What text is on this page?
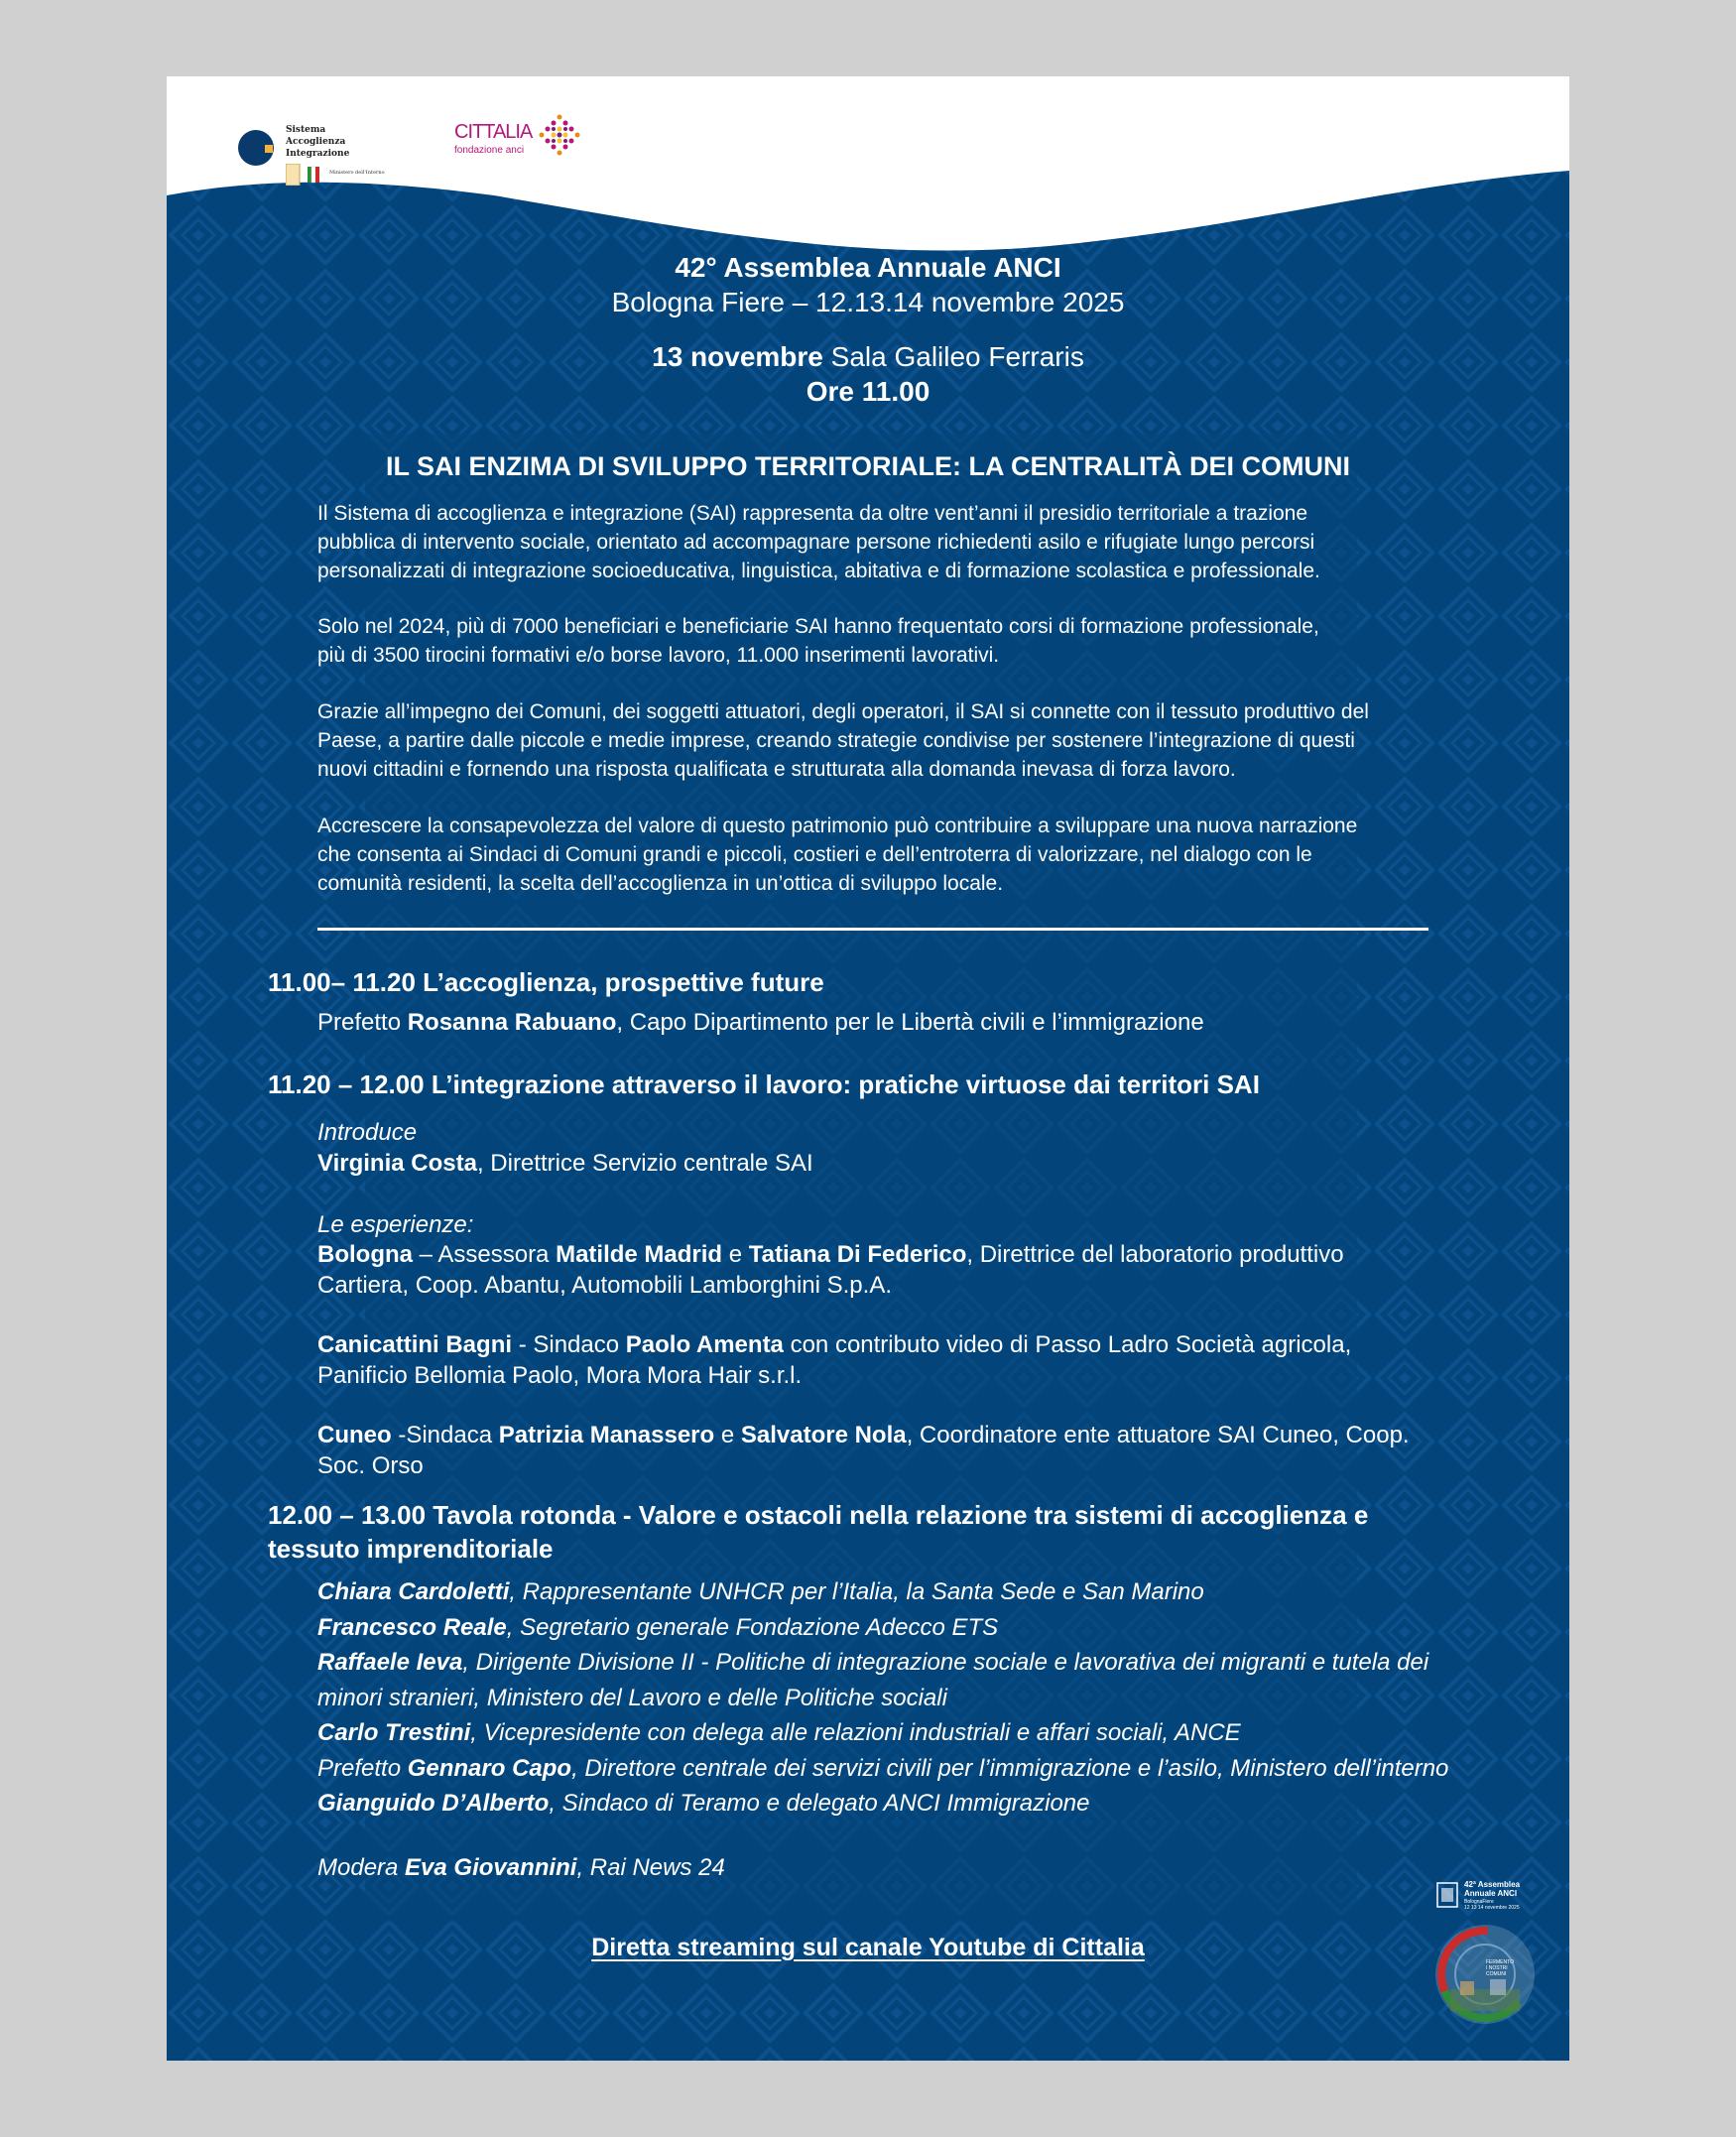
Sistema
Accoglienza
Integrazione
Ministero dell'Interno
CITTALIA
fondazione anci
42° Assemblea Annuale ANCI
Bologna Fiere – 12.13.14 novembre 2025
13 novembre Sala Galileo Ferraris
Ore 11.00
IL SAI ENZIMA DI SVILUPPO TERRITORIALE: LA CENTRALITÀ DEI COMUNI

Il Sistema di accoglienza e integrazione (SAI) rappresenta da oltre vent’anni il presidio territoriale a trazione

pubblica di intervento sociale, orientato ad accompagnare persone richiedenti asilo e rifugiate lungo percorsi

personalizzati di integrazione socioeducativa, linguistica, abitativa e di formazione scolastica e professionale.

Solo nel 2024, più di 7000 beneficiari e beneficiarie SAI hanno frequentato corsi di formazione professionale,

più di 3500 tirocini formativi e/o borse lavoro, 11.000 inserimenti lavorativi.

Grazie all’impegno dei Comuni, dei soggetti attuatori, degli operatori, il SAI si connette con il tessuto produttivo del

Paese, a partire dalle piccole e medie imprese, creando strategie condivise per sostenere l’integrazione di questi

nuovi cittadini e fornendo una risposta qualificata e strutturata alla domanda inevasa di forza lavoro.

Accrescere la consapevolezza del valore di questo patrimonio può contribuire a sviluppare una nuova narrazione

che consenta ai Sindaci di Comuni grandi e piccoli, costieri e dell’entroterra di valorizzare, nel dialogo con le

comunità residenti, la scelta dell’accoglienza in un’ottica di sviluppo locale.

11.00– 11.20 L’accoglienza, prospettive future
Prefetto Rosanna Rabuano, Capo Dipartimento per le Libertà civili e l’immigrazione
11.20 – 12.00 L’integrazione attraverso il lavoro: pratiche virtuose dai territori SAI
Introduce
Virginia Costa, Direttrice Servizio centrale SAI
Le esperienze:
Bologna – Assessora Matilde Madrid e Tatiana Di Federico, Direttrice del laboratorio produttivo
Cartiera, Coop. Abantu, Automobili Lamborghini S.p.A.
Canicattini Bagni - Sindaco Paolo Amenta con contributo video di Passo Ladro Società agricola,
Panificio Bellomia Paolo, Mora Mora Hair s.r.l.
Cuneo -Sindaca Patrizia Manassero e Salvatore Nola, Coordinatore ente attuatore SAI Cuneo, Coop.
Soc. Orso
12.00 – 13.00 Tavola rotonda - Valore e ostacoli nella relazione tra sistemi di accoglienza e
tessuto imprenditoriale
Chiara Cardoletti, Rappresentante UNHCR per l’Italia, la Santa Sede e San Marino
Francesco Reale, Segretario generale Fondazione Adecco ETS
Raffaele Ieva, Dirigente Divisione II - Politiche di integrazione sociale e lavorativa dei migranti e tutela dei
minori stranieri, Ministero del Lavoro e delle Politiche sociali
Carlo Trestini, Vicepresidente con delega alle relazioni industriali e affari sociali, ANCE
Prefetto Gennaro Capo, Direttore centrale dei servizi civili per l’immigrazione e l’asilo, Ministero dell’interno
Gianguido D’Alberto, Sindaco di Teramo e delegato ANCI Immigrazione
Modera Eva Giovannini, Rai News 24
Diretta streaming sul canale Youtube di Cittalia
42ª Assemblea
Annuale ANCI
BolognaFiere
12 13 14 novembre 2025
FERMENTO
I NOSTRI
COMUNI
